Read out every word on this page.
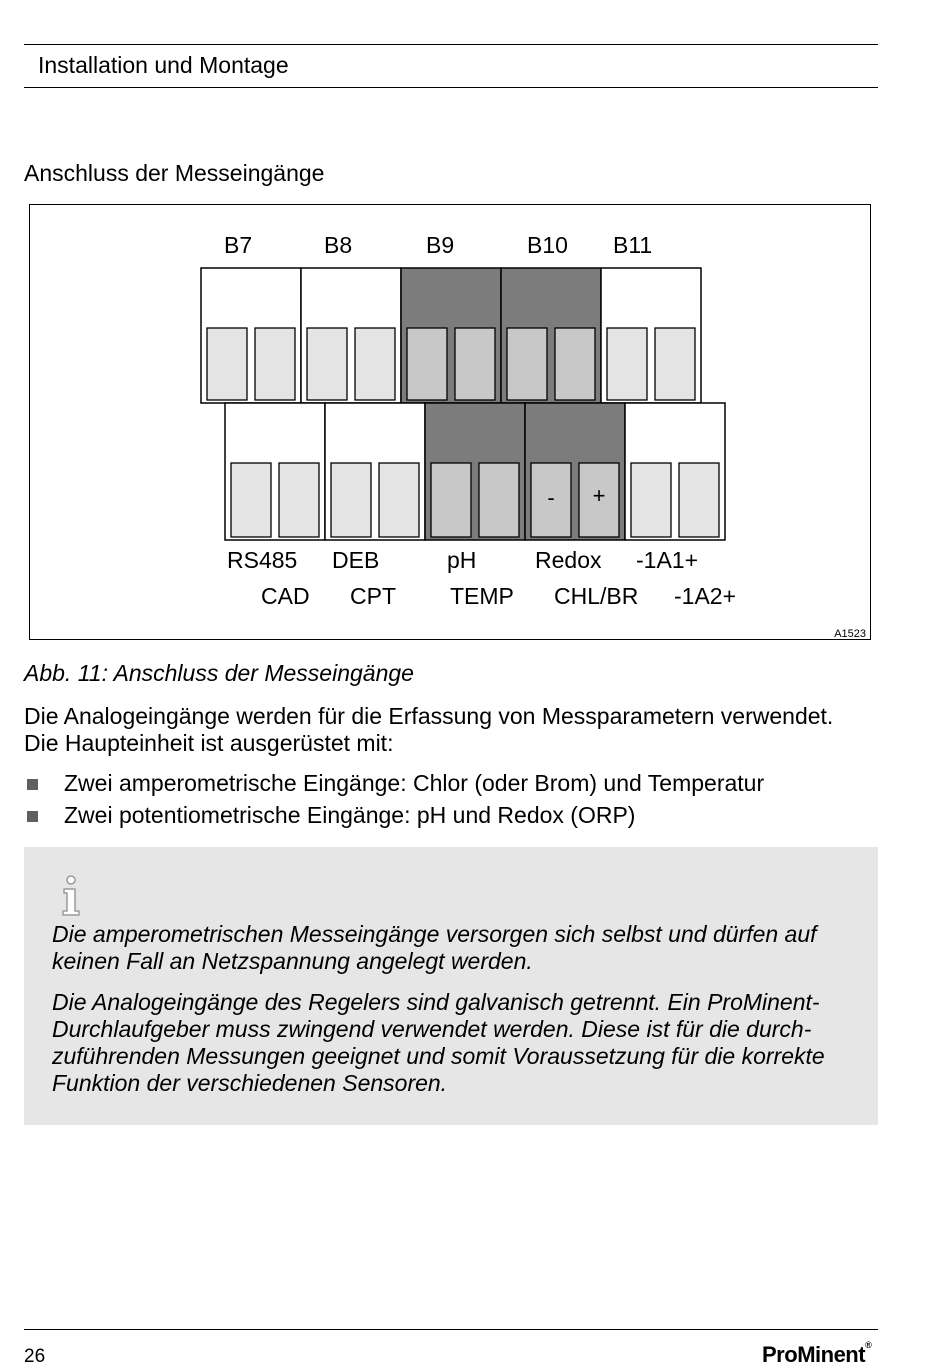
Installation und Montage
Anschluss der Messeingänge
- +
B7	B8	B9	B10 B11
RS485 DEB	pH	Redox -1A1+
CAD CPT TEMP CHL/BR -1A2+
A1523
Abb. 11: Anschluss der Messeingänge
Die Analogeingänge werden für die Erfassung von Messparametern verwendet.
Die Haupteinheit ist ausgerüstet mit:
Zwei amperometrische Eingänge: Chlor (oder Brom) und Temperatur
Zwei potentiometrische Eingänge: pH und Redox (ORP)
Die amperometrischen Messeingänge versorgen sich selbst und dürfen auf
keinen Fall an Netzspannung angelegt werden.
Die Analogeingänge des Regelers sind galvanisch getrennt. Ein ProMinent-
Durchlaufgeber muss zwingend verwendet werden. Diese ist für die durch-
zuführenden Messungen geeignet und somit Voraussetzung für die korrekte
Funktion der verschiedenen Sensoren.
26	ProMinent®
